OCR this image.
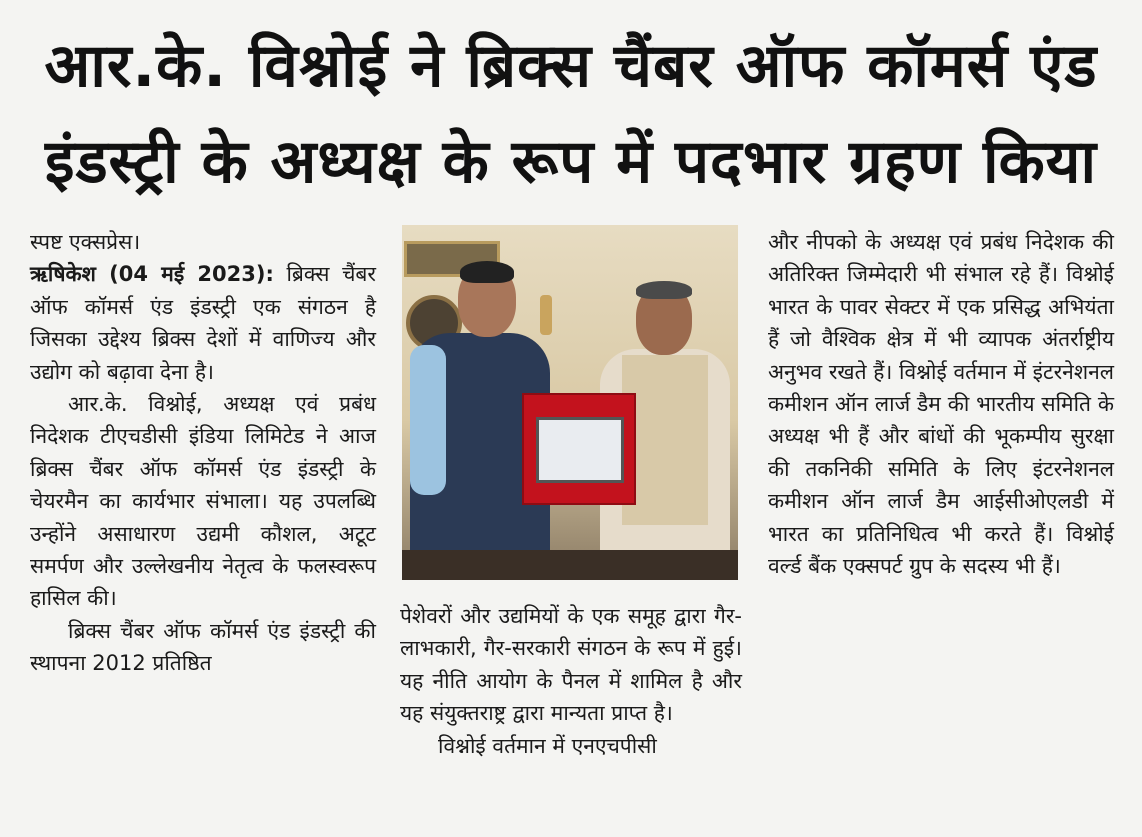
आर.के. विश्नोई ने ब्रिक्स चैंबर ऑफ कॉमर्स एंड
इंडस्ट्री के अध्यक्ष के रूप में पदभार ग्रहण किया

स्पष्ट एक्सप्रेस।

ऋषिकेश (04 मई 2023): ब्रिक्स चैंबर ऑफ कॉमर्स एंड इंडस्ट्री एक संगठन है जिसका उद्देश्य ब्रिक्स देशों में वाणिज्य और उद्योग को बढ़ावा देना है।

आर.के. विश्नोई, अध्यक्ष एवं प्रबंध निदेशक टीएचडीसी इंडिया लिमिटेड ने आज ब्रिक्स चैंबर ऑफ कॉमर्स एंड इंडस्ट्री के चेयरमैन का कार्यभार संभाला। यह उपलब्धि उन्होंने असाधारण उद्यमी कौशल, अटूट समर्पण और उल्लेखनीय नेतृत्व के फलस्वरूप हासिल की।

ब्रिक्स चैंबर ऑफ कॉमर्स एंड इंडस्ट्री की स्थापना 2012 प्रतिष्ठित

पेशेवरों और उद्यमियों के एक समूह द्वारा गैर-लाभकारी, गैर-सरकारी संगठन के रूप में हुई। यह नीति आयोग के पैनल में शामिल है और यह संयुक्तराष्ट्र द्वारा मान्यता प्राप्त है।

विश्नोई वर्तमान में एनएचपीसी

और नीपको के अध्यक्ष एवं प्रबंध निदेशक की अतिरिक्त जिम्मेदारी भी संभाल रहे हैं। विश्नोई भारत के पावर सेक्टर में एक प्रसिद्ध अभियंता हैं जो वैश्विक क्षेत्र में भी व्यापक अंतर्राष्ट्रीय अनुभव रखते हैं। विश्नोई वर्तमान में इंटरनेशनल कमीशन ऑन लार्ज डैम की भारतीय समिति के अध्यक्ष भी हैं और बांधों की भूकम्पीय सुरक्षा की तकनिकी समिति के लिए इंटरनेशनल कमीशन ऑन लार्ज डैम आईसीओएलडी में भारत का प्रतिनिधित्व भी करते हैं। विश्नोई वर्ल्ड बैंक एक्सपर्ट ग्रुप के सदस्य भी हैं।
